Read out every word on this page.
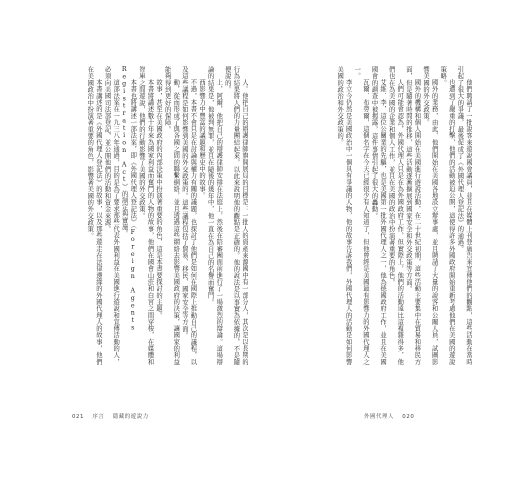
人。他把自己的辯護律師旗開展局的目標是：一批人的資產來源國中有一部分人，其次是以長期的行為結果將人們的力量團結起來，以此來說明他的觀點是正確的。他的說法是以事實為依據的，不是隨便說的。

上，阿爾，他把自己的辯護律師安排在法庭上，然後在陪審團面前進行了一場激烈的辯論。這場辯論的結果是，他被判無罪，並且在隨後的幾年中，他一直在為自己的名譽而奮鬥。

西影響力中豐富的議題和歷史中的故事。

不過，本書不會只是在討論與權力有關的議題，也探討了他們是如何在國際上推動自己的議程，以及這些議程是如何影響到美國的外交政策的。這些議程包括了貿易、移民、國家安全等方面。

動，從而形成了與各國之間的聯繫網絡，並且透過這些網絡去影響美國政府的決策，讓國家的利益能夠得到更好的保障。

故事，甚至在美國政府的內部決策中扮演著重要的角色，這是本書要探討的主題。

本書將講述數十年來為國家利益而奮鬥的人物的故事，他們在國會山莊和白宮之間穿梭，在媒體和智庫之間遊說，他們的行動影響了美國的外交政策。

本書也將講述一部法案，即《外國代理人登記法》（Foreign Agents Registration Act）的制定與實施。

這部法案在一九三八年通過，目的是為了要求那些代表外國利益在美國進行遊說和宣傳活動的人，必須向美國司法部登記，並公開他們的活動和資金來源。

本書講述的是《外國代理人登記法》的故事，以及那些遊走在法律邊緣的外國代理人的故事，他們在美國政治中扮演著重要的角色，影響著美國的外交政策。	他們聘請了一批說客來遊說國會議員，並且在媒體上刊登廣告來宣傳他們的觀點，這些活動在當時引起了很大的爭議，最後促成了《外國代理人登記法》的通過。

也遭到了嚴重的打擊，他們的活動被迫公開，這使得許多外國政府開始重新考慮他們在美國的遊說策略。

國外的業務，由此，他們開始在美國各地設立辦事處，並且聘請了大量的說客和公關人員，試圖影響美國的外交政策。

國外的機構和個人開始在美國進行遊說活動，在二十世紀初期，這些活動主要集中在貿易和移民方面，但是隨著時間的推移，這些活動逐漸擴展到國家安全和外交政策等方面。

人們可能會認為，外國代理人只是在為外國政府工作，但實際上，他們的活動遠比這複雜得多，他們也在為美國的企業和個人工作，並且在美國的政治中扮演著重要的角色。

艾維．李，這位公關業的先驅，也是美國第一批外國代理人之一，他為德國政府工作，並且在美國國會的調查中被揭露，這件事情引起了很大的轟動。

瓦爾．布勞爾，這個名字在今天已經很少有人知道了，但他曾經是美國最有影響力的外國代理人之一。

李立今仍然是美國政治中一個具有爭議的人物，他的故事告訴我們，外國代理人的活動是如何影響美國的政治和外交政策的。

021 序言 隱藏的遊說力	外國代理人 020
